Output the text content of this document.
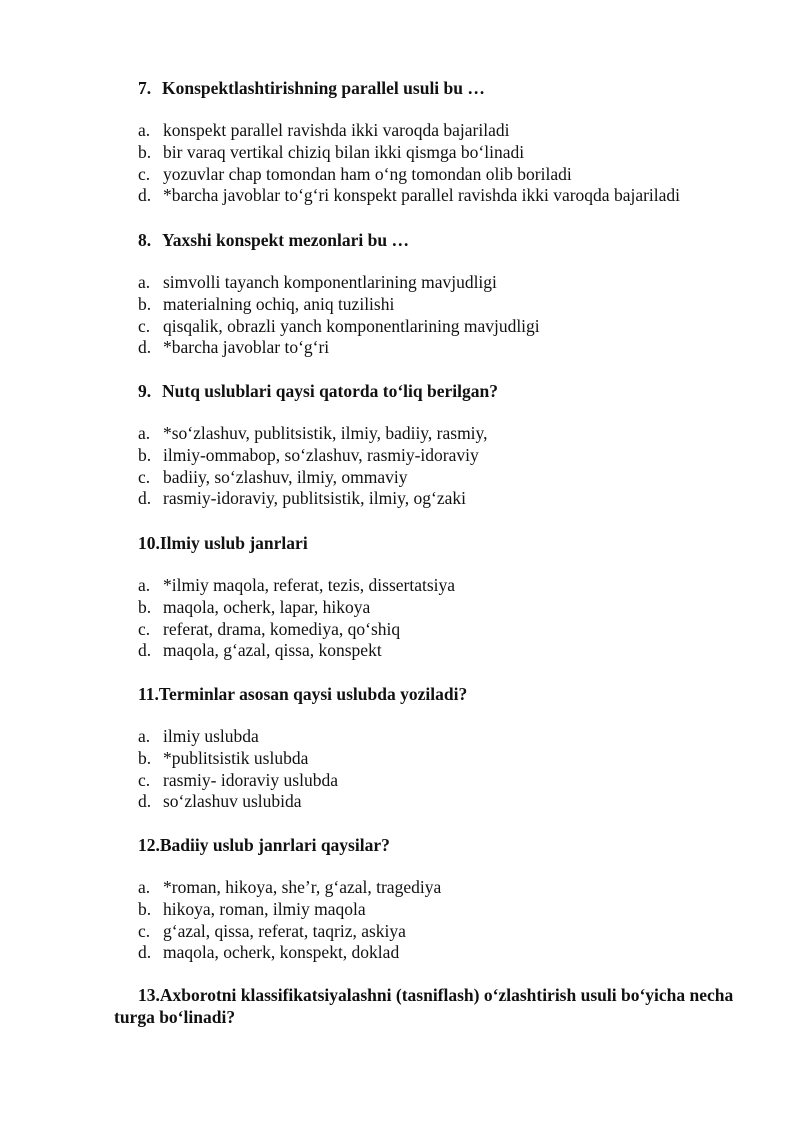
7. Konspektlashtirishning parallel usuli bu …
a. konspekt parallel ravishda ikki varoqda bajariladi
b. bir varaq vertikal chiziq bilan ikki qismga bo‘linadi
c. yozuvlar chap tomondan ham o‘ng tomondan olib boriladi
d. *barcha javoblar to‘g‘ri konspekt parallel ravishda ikki varoqda bajariladi
8. Yaxshi konspekt mezonlari bu …
a. simvolli tayanch komponentlarining mavjudligi
b. materialning ochiq, aniq tuzilishi
c. qisqalik, obrazli yanch komponentlarining mavjudligi
d. *barcha javoblar to‘g‘ri
9. Nutq uslublari qaysi qatorda to‘liq berilgan?
a. *so‘zlashuv, publitsistik, ilmiy, badiiy, rasmiy,
b. ilmiy-ommabop, so‘zlashuv, rasmiy-idoraviy
c. badiiy, so‘zlashuv, ilmiy, ommaviy
d. rasmiy-idoraviy, publitsistik, ilmiy, og‘zaki
10.Ilmiy uslub janrlari
a. *ilmiy maqola, referat, tezis, dissertatsiya
b. maqola, ocherk, lapar, hikoya
c. referat, drama, komediya, qo‘shiq
d. maqola, g‘azal, qissa, konspekt
11.Terminlar asosan qaysi uslubda yoziladi?
a. ilmiy uslubda
b. *publitsistik uslubda
c. rasmiy- idoraviy uslubda
d. so‘zlashuv uslubida
12.Badiiy uslub janrlari qaysilar?
a. *roman, hikoya, she’r, g‘azal, tragediya
b. hikoya, roman, ilmiy maqola
c. g‘azal, qissa, referat, taqriz, askiya
d. maqola, ocherk, konspekt, doklad
13.Axborotni klassifikatsiyalashni (tasniflash) o‘zlashtirish usuli bo‘yicha necha turga bo‘linadi?
